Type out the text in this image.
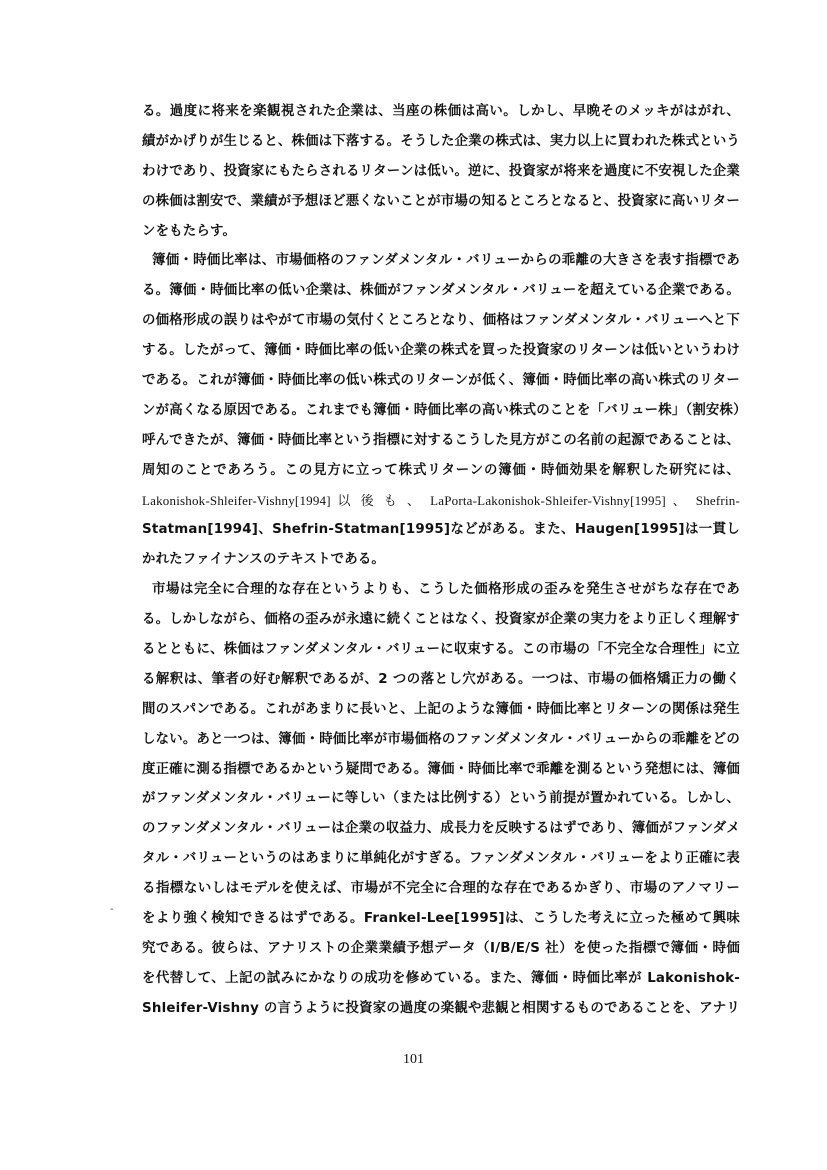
る。過度に将来を楽観視された企業は、当座の株価は高い。しかし、早晩そのメッキがはがれ、
績がかげりが生じると、株価は下落する。そうした企業の株式は、実力以上に買われた株式という
わけであり、投資家にもたらされるリターンは低い。逆に、投資家が将来を過度に不安視した企業
の株価は割安で、業績が予想ほど悪くないことが市場の知るところとなると、投資家に高いリター
ンをもたらす。
簿価・時価比率は、市場価格のファンダメンタル・バリューからの乖離の大きさを表す指標であ
る。簿価・時価比率の低い企業は、株価がファンダメンタル・バリューを超えている企業である。
の価格形成の誤りはやがて市場の気付くところとなり、価格はファンダメンタル・バリューへと下
する。したがって、簿価・時価比率の低い企業の株式を買った投資家のリターンは低いというわけ
である。これが簿価・時価比率の低い株式のリターンが低く、簿価・時価比率の高い株式のリター
ンが高くなる原因である。これまでも簿価・時価比率の高い株式のことを「バリュー株」（割安株）
呼んできたが、簿価・時価比率という指標に対するこうした見方がこの名前の起源であることは、
周知のことであろう。この見方に立って株式リターンの簿価・時価効果を解釈した研究には、
Lakonishok-Shleifer-Vishny[1994] 以 後 も 、 LaPorta-Lakonishok-Shleifer-Vishny[1995] 、 Shefrin-
Statman[1994]、Shefrin-Statman[1995]などがある。また、Haugen[1995]は一貫し
かれたファイナンスのテキストである。
市場は完全に合理的な存在というよりも、こうした価格形成の歪みを発生させがちな存在であ
る。しかしながら、価格の歪みが永遠に続くことはなく、投資家が企業の実力をより正しく理解す
るとともに、株価はファンダメンタル・バリューに収束する。この市場の「不完全な合理性」に立
る解釈は、筆者の好む解釈であるが、2 つの落とし穴がある。一つは、市場の価格矯正力の働く
間のスパンである。これがあまりに長いと、上記のような簿価・時価比率とリターンの関係は発生
しない。あと一つは、簿価・時価比率が市場価格のファンダメンタル・バリューからの乖離をどの
度正確に測る指標であるかという疑問である。簿価・時価比率で乖離を測るという発想には、簿価
がファンダメンタル・バリューに等しい（または比例する）という前提が置かれている。しかし、
のファンダメンタル・バリューは企業の収益力、成長力を反映するはずであり、簿価がファンダメ
タル・バリューというのはあまりに単純化がすぎる。ファンダメンタル・バリューをより正確に表
る指標ないしはモデルを使えば、市場が不完全に合理的な存在であるかぎり、市場のアノマリー
をより強く検知できるはずである。Frankel-Lee[1995]は、こうした考えに立った極めて興味
究である。彼らは、アナリストの企業業績予想データ（I/B/E/S 社）を使った指標で簿価・時価
を代替して、上記の試みにかなりの成功を修めている。また、簿価・時価比率が Lakonishok-
Shleifer-Vishny の言うように投資家の過度の楽観や悲観と相関するものであることを、アナリ
-
101
